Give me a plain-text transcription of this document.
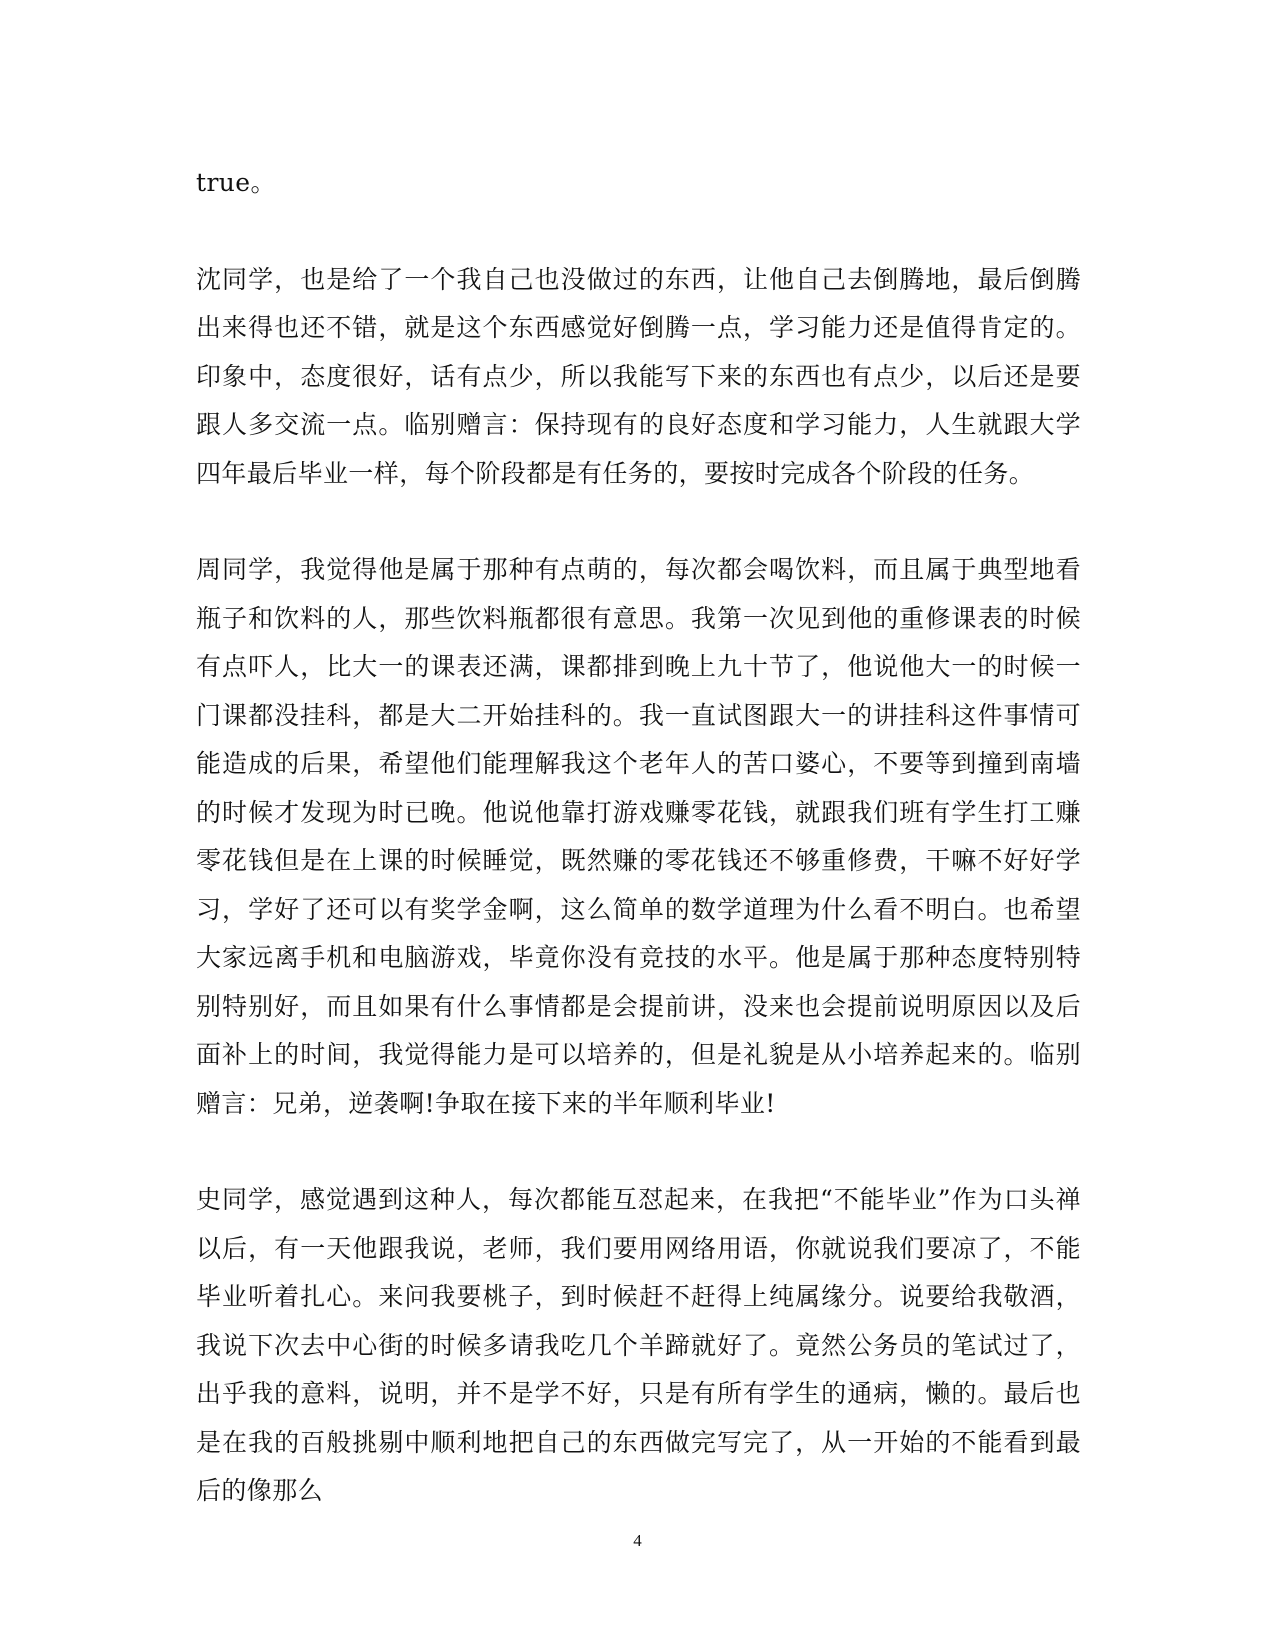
true。

沈同学，也是给了一个我自己也没做过的东西，让他自己去倒腾地，最后倒腾出来得也还不错，就是这个东西感觉好倒腾一点，学习能力还是值得肯定的。印象中，态度很好，话有点少，所以我能写下来的东西也有点少，以后还是要跟人多交流一点。临别赠言：保持现有的良好态度和学习能力，人生就跟大学四年最后毕业一样，每个阶段都是有任务的，要按时完成各个阶段的任务。

周同学，我觉得他是属于那种有点萌的，每次都会喝饮料，而且属于典型地看瓶子和饮料的人，那些饮料瓶都很有意思。我第一次见到他的重修课表的时候有点吓人，比大一的课表还满，课都排到晚上九十节了，他说他大一的时候一门课都没挂科，都是大二开始挂科的。我一直试图跟大一的讲挂科这件事情可能造成的后果，希望他们能理解我这个老年人的苦口婆心，不要等到撞到南墙的时候才发现为时已晚。他说他靠打游戏赚零花钱，就跟我们班有学生打工赚零花钱但是在上课的时候睡觉，既然赚的零花钱还不够重修费，干嘛不好好学习，学好了还可以有奖学金啊，这么简单的数学道理为什么看不明白。也希望大家远离手机和电脑游戏，毕竟你没有竞技的水平。他是属于那种态度特别特别特别好，而且如果有什么事情都是会提前讲，没来也会提前说明原因以及后面补上的时间，我觉得能力是可以培养的，但是礼貌是从小培养起来的。临别赠言：兄弟，逆袭啊!争取在接下来的半年顺利毕业!

史同学，感觉遇到这种人，每次都能互怼起来，在我把“不能毕业”作为口头禅以后，有一天他跟我说，老师，我们要用网络用语，你就说我们要凉了，不能毕业听着扎心。来问我要桃子，到时候赶不赶得上纯属缘分。说要给我敬酒，我说下次去中心街的时候多请我吃几个羊蹄就好了。竟然公务员的笔试过了，出乎我的意料，说明，并不是学不好，只是有所有学生的通病，懒的。最后也是在我的百般挑剔中顺利地把自己的东西做完写完了，从一开始的不能看到最后的像那么

4
